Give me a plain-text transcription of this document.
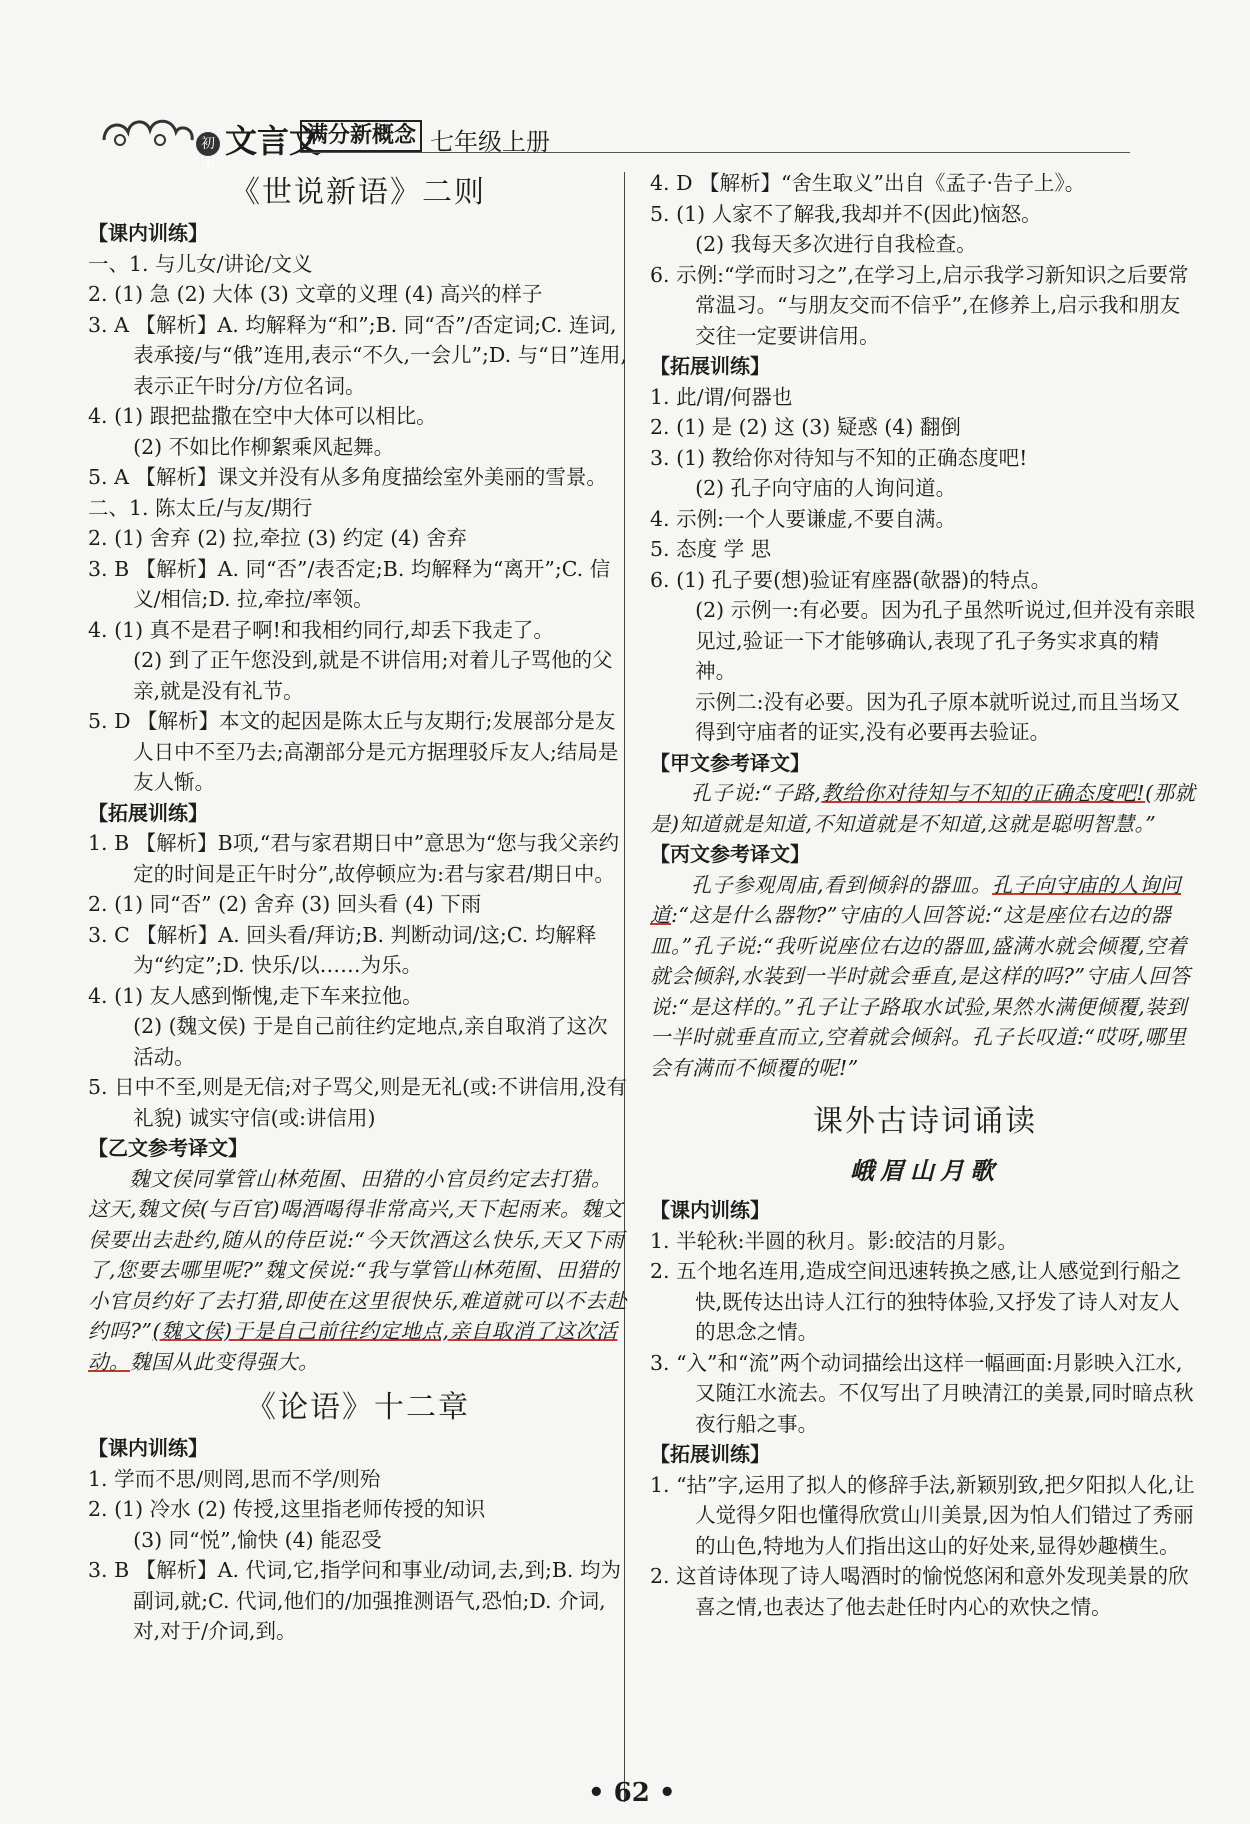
初中
文言文
满分新概念 七年级上册
《世说新语》二则
【课内训练】
一、1. 与儿女/讲论/文义
2. (1) 急 (2) 大体 (3) 文章的义理 (4) 高兴的样子
3. A 【解析】A. 均解释为“和”;B. 同“否”/否定词;C. 连词,表承接/与“俄”连用,表示“不久,一会儿”;D. 与“日”连用,表示正午时分/方位名词。
4. (1) 跟把盐撒在空中大体可以相比。
(2) 不如比作柳絮乘风起舞。
5. A 【解析】课文并没有从多角度描绘室外美丽的雪景。
二、1. 陈太丘/与友/期行
2. (1) 舍弃 (2) 拉,牵拉 (3) 约定 (4) 舍弃
3. B 【解析】A. 同“否”/表否定;B. 均解释为“离开”;C. 信义/相信;D. 拉,牵拉/率领。
4. (1) 真不是君子啊!和我相约同行,却丢下我走了。
(2) 到了正午您没到,就是不讲信用;对着儿子骂他的父亲,就是没有礼节。
5. D 【解析】本文的起因是陈太丘与友期行;发展部分是友人日中不至乃去;高潮部分是元方据理驳斥友人;结局是友人惭。
【拓展训练】
1. B 【解析】B项,“君与家君期日中”意思为“您与我父亲约定的时间是正午时分”,故停顿应为:君与家君/期日中。
2. (1) 同“否” (2) 舍弃 (3) 回头看 (4) 下雨
3. C 【解析】A. 回头看/拜访;B. 判断动词/这;C. 均解释为“约定”;D. 快乐/以……为乐。
4. (1) 友人感到惭愧,走下车来拉他。
(2) (魏文侯) 于是自己前往约定地点,亲自取消了这次活动。
5. 日中不至,则是无信;对子骂父,则是无礼(或:不讲信用,没有礼貌) 诚实守信(或:讲信用)
【乙文参考译文】
魏文侯同掌管山林苑囿、田猎的小官员约定去打猎。这天,魏文侯(与百官)喝酒喝得非常高兴,天下起雨来。魏文侯要出去赴约,随从的侍臣说:“今天饮酒这么快乐,天又下雨了,您要去哪里呢?”魏文侯说:“我与掌管山林苑囿、田猎的小官员约好了去打猎,即使在这里很快乐,难道就可以不去赴约吗?”(魏文侯)于是自己前往约定地点,亲自取消了这次活动。魏国从此变得强大。
《论语》十二章
【课内训练】
1. 学而不思/则罔,思而不学/则殆
2. (1) 冷水 (2) 传授,这里指老师传授的知识
(3) 同“悦”,愉快 (4) 能忍受
3. B 【解析】A. 代词,它,指学问和事业/动词,去,到;B. 均为副词,就;C. 代词,他们的/加强推测语气,恐怕;D. 介词,对,对于/介词,到。
4. D 【解析】“舍生取义”出自《孟子·告子上》。
5. (1) 人家不了解我,我却并不(因此)恼怒。
(2) 我每天多次进行自我检查。
6. 示例:“学而时习之”,在学习上,启示我学习新知识之后要常常温习。“与朋友交而不信乎”,在修养上,启示我和朋友交往一定要讲信用。
【拓展训练】
1. 此/谓/何器也
2. (1) 是 (2) 这 (3) 疑惑 (4) 翻倒
3. (1) 教给你对待知与不知的正确态度吧!
(2) 孔子向守庙的人询问道。
4. 示例:一个人要谦虚,不要自满。
5. 态度 学 思
6. (1) 孔子要(想)验证宥座器(欹器)的特点。
(2) 示例一:有必要。因为孔子虽然听说过,但并没有亲眼见过,验证一下才能够确认,表现了孔子务实求真的精神。
示例二:没有必要。因为孔子原本就听说过,而且当场又得到守庙者的证实,没有必要再去验证。
【甲文参考译文】
孔子说:“子路,教给你对待知与不知的正确态度吧!(那就是)知道就是知道,不知道就是不知道,这就是聪明智慧。”
【丙文参考译文】
孔子参观周庙,看到倾斜的器皿。孔子向守庙的人询问道:“这是什么器物?”守庙的人回答说:“这是座位右边的器皿。”孔子说:“我听说座位右边的器皿,盛满水就会倾覆,空着就会倾斜,水装到一半时就会垂直,是这样的吗?”守庙人回答说:“是这样的。”孔子让子路取水试验,果然水满便倾覆,装到一半时就垂直而立,空着就会倾斜。孔子长叹道:“哎呀,哪里会有满而不倾覆的呢!”
课外古诗词诵读
峨眉山月歌
【课内训练】
1. 半轮秋:半圆的秋月。影:皎洁的月影。
2. 五个地名连用,造成空间迅速转换之感,让人感觉到行船之快,既传达出诗人江行的独特体验,又抒发了诗人对友人的思念之情。
3. “入”和“流”两个动词描绘出这样一幅画面:月影映入江水,又随江水流去。不仅写出了月映清江的美景,同时暗点秋夜行船之事。
【拓展训练】
1. “拈”字,运用了拟人的修辞手法,新颖别致,把夕阳拟人化,让人觉得夕阳也懂得欣赏山川美景,因为怕人们错过了秀丽的山色,特地为人们指出这山的好处来,显得妙趣横生。
2. 这首诗体现了诗人喝酒时的愉悦悠闲和意外发现美景的欣喜之情,也表达了他去赴任时内心的欢快之情。
• 62 •
